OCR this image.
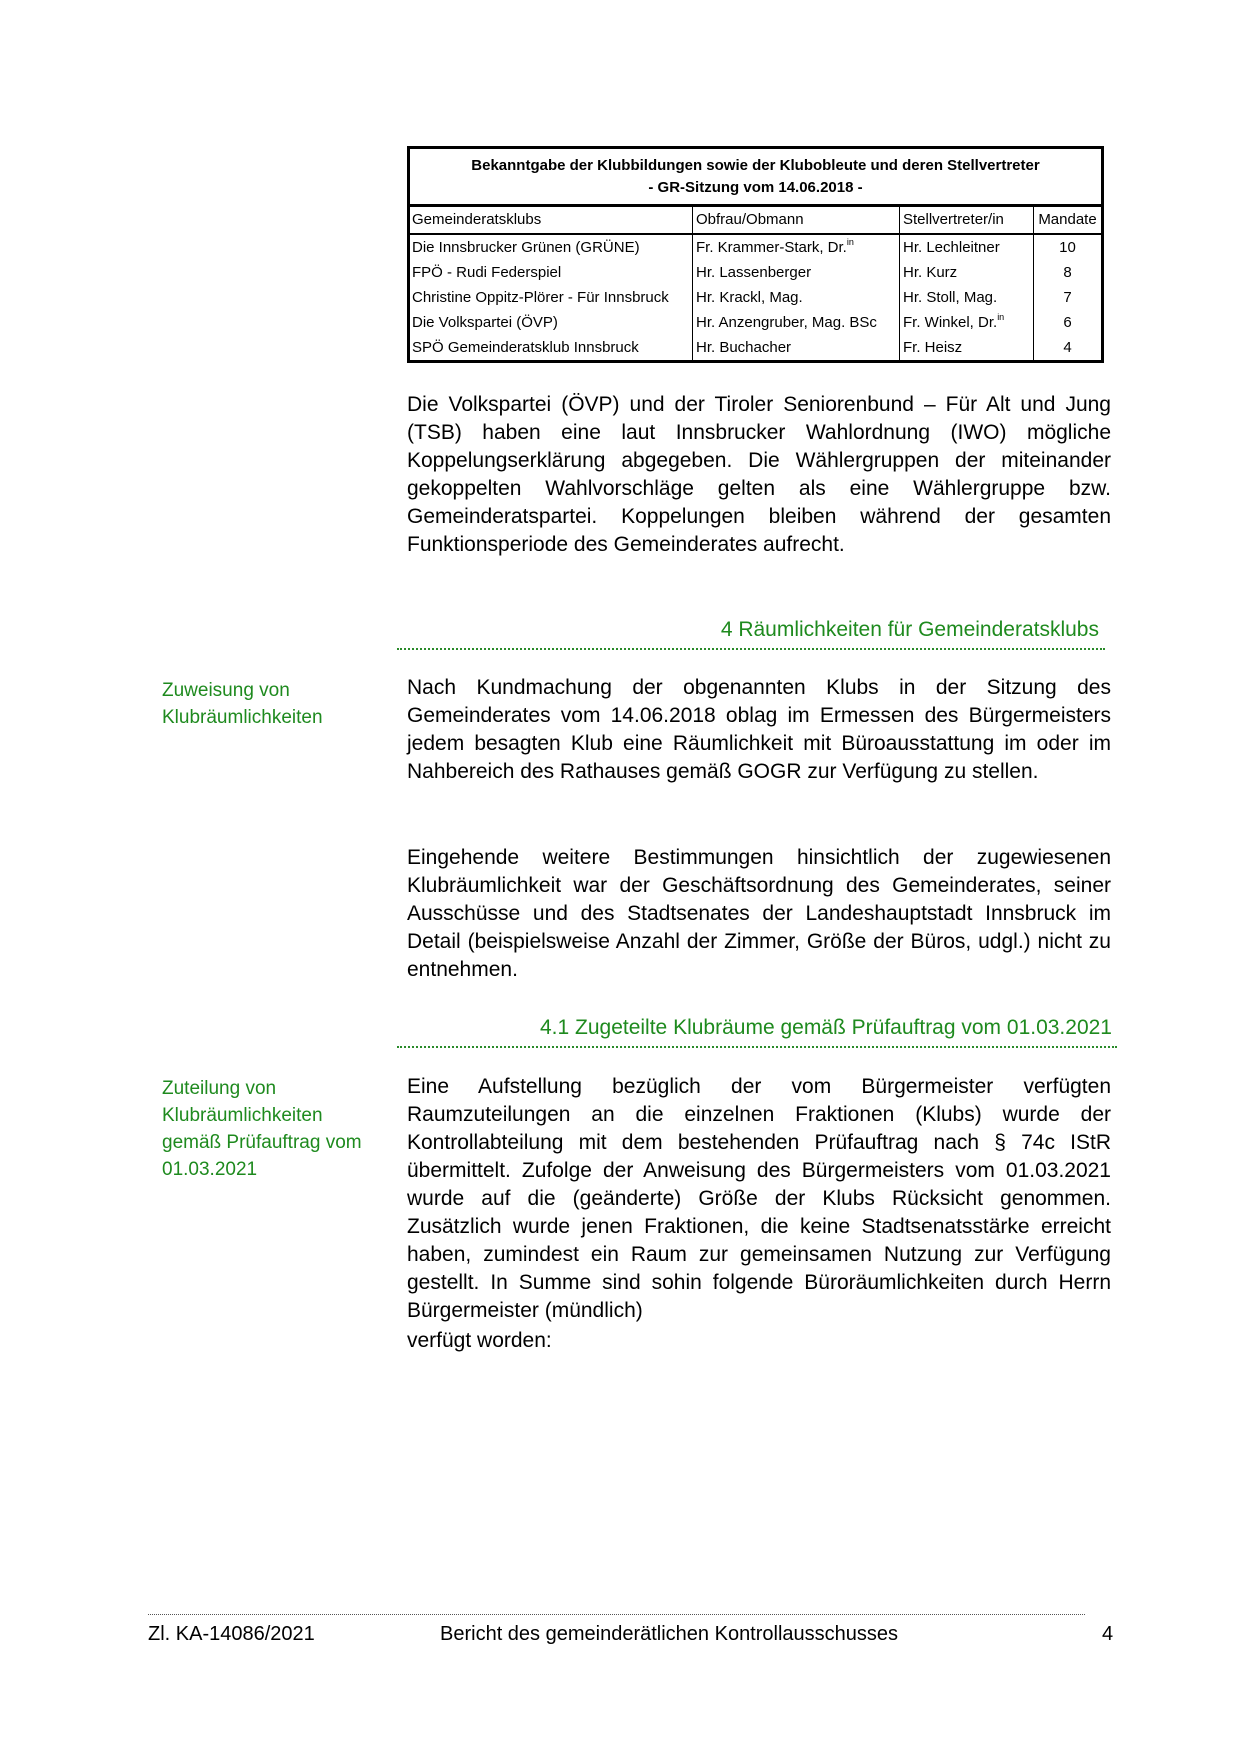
Bekanntgabe der Klubbildungen sowie der Klubobleute und deren Stellvertreter
- GR-Sitzung vom 14.06.2018 -
Gemeinderatsklubs	Obfrau/Obmann	Stellvertreter/in	Mandate
Die Innsbrucker Grünen (GRÜNE)	Fr. Krammer-Stark, Dr.$^{in}$	Hr. Lechleitner	10
FPÖ - Rudi Federspiel	Hr. Lassenberger	Hr. Kurz	8
Christine Oppitz-Plörer - Für Innsbruck	Hr. Krackl, Mag.	Hr. Stoll, Mag.	7
Die Volkspartei (ÖVP)	Hr. Anzengruber, Mag. BSc	Fr. Winkel, Dr.$^{in}$	6
SPÖ Gemeinderatsklub Innsbruck	Hr. Buchacher	Fr. Heisz	4

Die Volkspartei (ÖVP) und der Tiroler Seniorenbund – Für Alt und Jung (TSB) haben eine laut Innsbrucker Wahlordnung (IWO) mögliche Koppelungserklärung abgegeben. Die Wählergruppen der miteinander gekoppelten Wahlvorschläge gelten als eine Wählergruppe bzw. Gemeinderatspartei. Koppelungen bleiben während der gesamten Funktionsperiode des Gemeinderates aufrecht.

4 Räumlichkeiten für Gemeinderatsklubs
Zuweisung von
Klubräumlichkeiten

Nach Kundmachung der obgenannten Klubs in der Sitzung des Gemeinderates vom 14.06.2018 oblag im Ermessen des Bürgermeisters jedem besagten Klub eine Räumlichkeit mit Büroausstattung im oder im Nahbereich des Rathauses gemäß GOGR zur Verfügung zu stellen.

Eingehende weitere Bestimmungen hinsichtlich der zugewiesenen Klubräumlichkeit war der Geschäftsordnung des Gemeinderates, seiner Ausschüsse und des Stadtsenates der Landeshauptstadt Innsbruck im Detail (beispielsweise Anzahl der Zimmer, Größe der Büros, udgl.) nicht zu entnehmen.

4.1 Zugeteilte Klubräume gemäß Prüfauftrag vom 01.03.2021
Zuteilung von
Klubräumlichkeiten
gemäß Prüfauftrag vom
01.03.2021

Eine Aufstellung bezüglich der vom Bürgermeister verfügten Raumzuteilungen an die einzelnen Fraktionen (Klubs) wurde der Kontrollabteilung mit dem bestehenden Prüfauftrag nach § 74c IStR übermittelt. Zufolge der Anweisung des Bürgermeisters vom 01.03.2021 wurde auf die (geänderte) Größe der Klubs Rücksicht genommen. Zusätzlich wurde jenen Fraktionen, die keine Stadtsenatsstärke erreicht haben, zumindest ein Raum zur gemeinsamen Nutzung zur Verfügung gestellt. In Summe sind sohin folgende Büroräumlichkeiten durch Herrn Bürgermeister (mündlich)

verfügt worden:

Zl. KA-14086/2021	Bericht des gemeinderätlichen Kontrollausschusses	4
